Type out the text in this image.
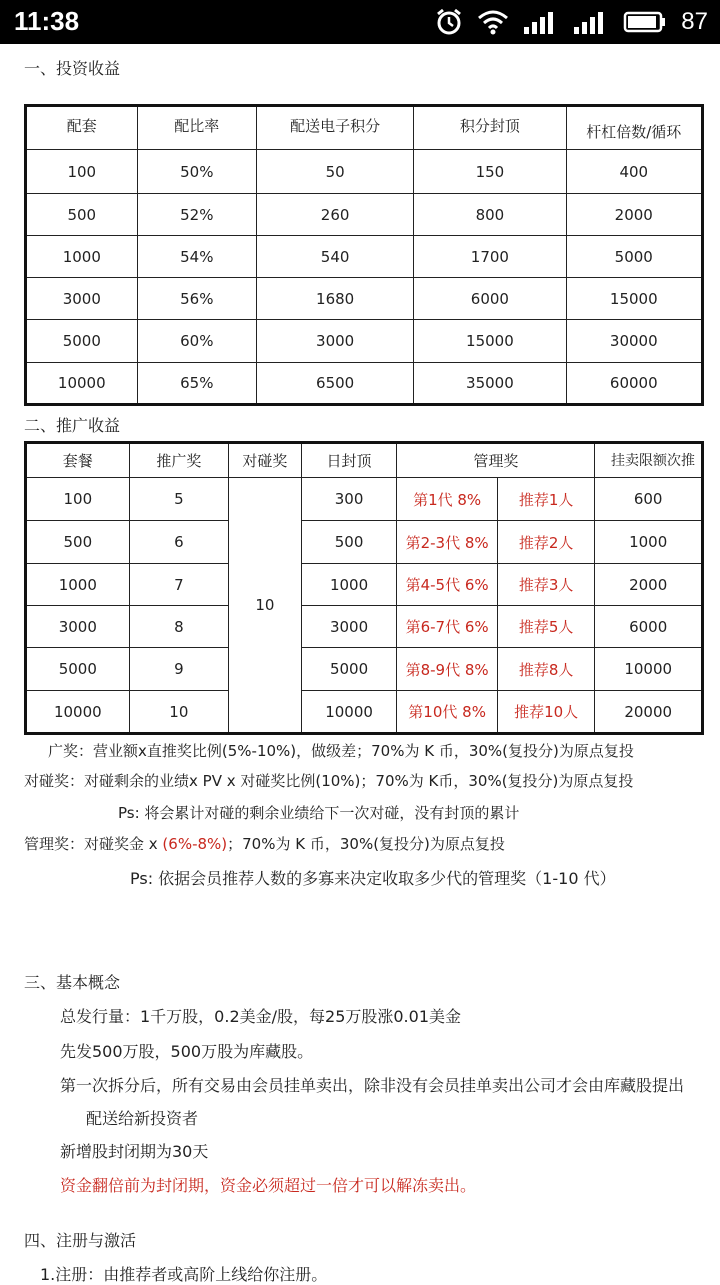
11:38	87
一、投资收益
配套	配比率	配送电子积分	积分封顶	杆杠倍数/循环
100	50%	50	150	400
500	52%	260	800	2000
1000	54%	540	1700	5000
3000	56%	1680	6000	15000
5000	60%	3000	15000	30000
10000	65%	6500	35000	60000
二、推广收益
套餐	推广奖	对碰奖	日封顶	管理奖		挂卖限额次推
100	5	10	300	第1代 8%	推荐1人	600
500	6		500	第2-3代 8%	推荐2人	1000
1000	7		1000	第4-5代 6%	推荐3人	2000
3000	8		3000	第6-7代 6%	推荐5人	6000
5000	9		5000	第8-9代 8%	推荐8人	10000
10000	10		10000	第10代 8%	推荐10人	20000
广奖：营业额x直推奖比例(5%-10%)，做级差；70%为 K 币，30%(复投分)为原点复投
对碰奖：对碰剩余的业绩x PV x 对碰奖比例(10%)；70%为 K币，30%(复投分)为原点复投
Ps: 将会累计对碰的剩余业绩给下一次对碰，没有封顶的累计
管理奖：对碰奖金 x (6%-8%)；70%为 K 币，30%(复投分)为原点复投
Ps: 依据会员推荐人数的多寡来决定收取多少代的管理奖（1-10 代）
三、基本概念
总发行量：1千万股，0.2美金/股，每25万股涨0.01美金
先发500万股，500万股为库藏股。
第一次拆分后，所有交易由会员挂单卖出，除非没有会员挂单卖出公司才会由库藏股提出
配送给新投资者
新增股封闭期为30天
资金翻倍前为封闭期，资金必须超过一倍才可以解冻卖出。
四、注册与激活
1.注册：由推荐者或高阶上线给你注册。
